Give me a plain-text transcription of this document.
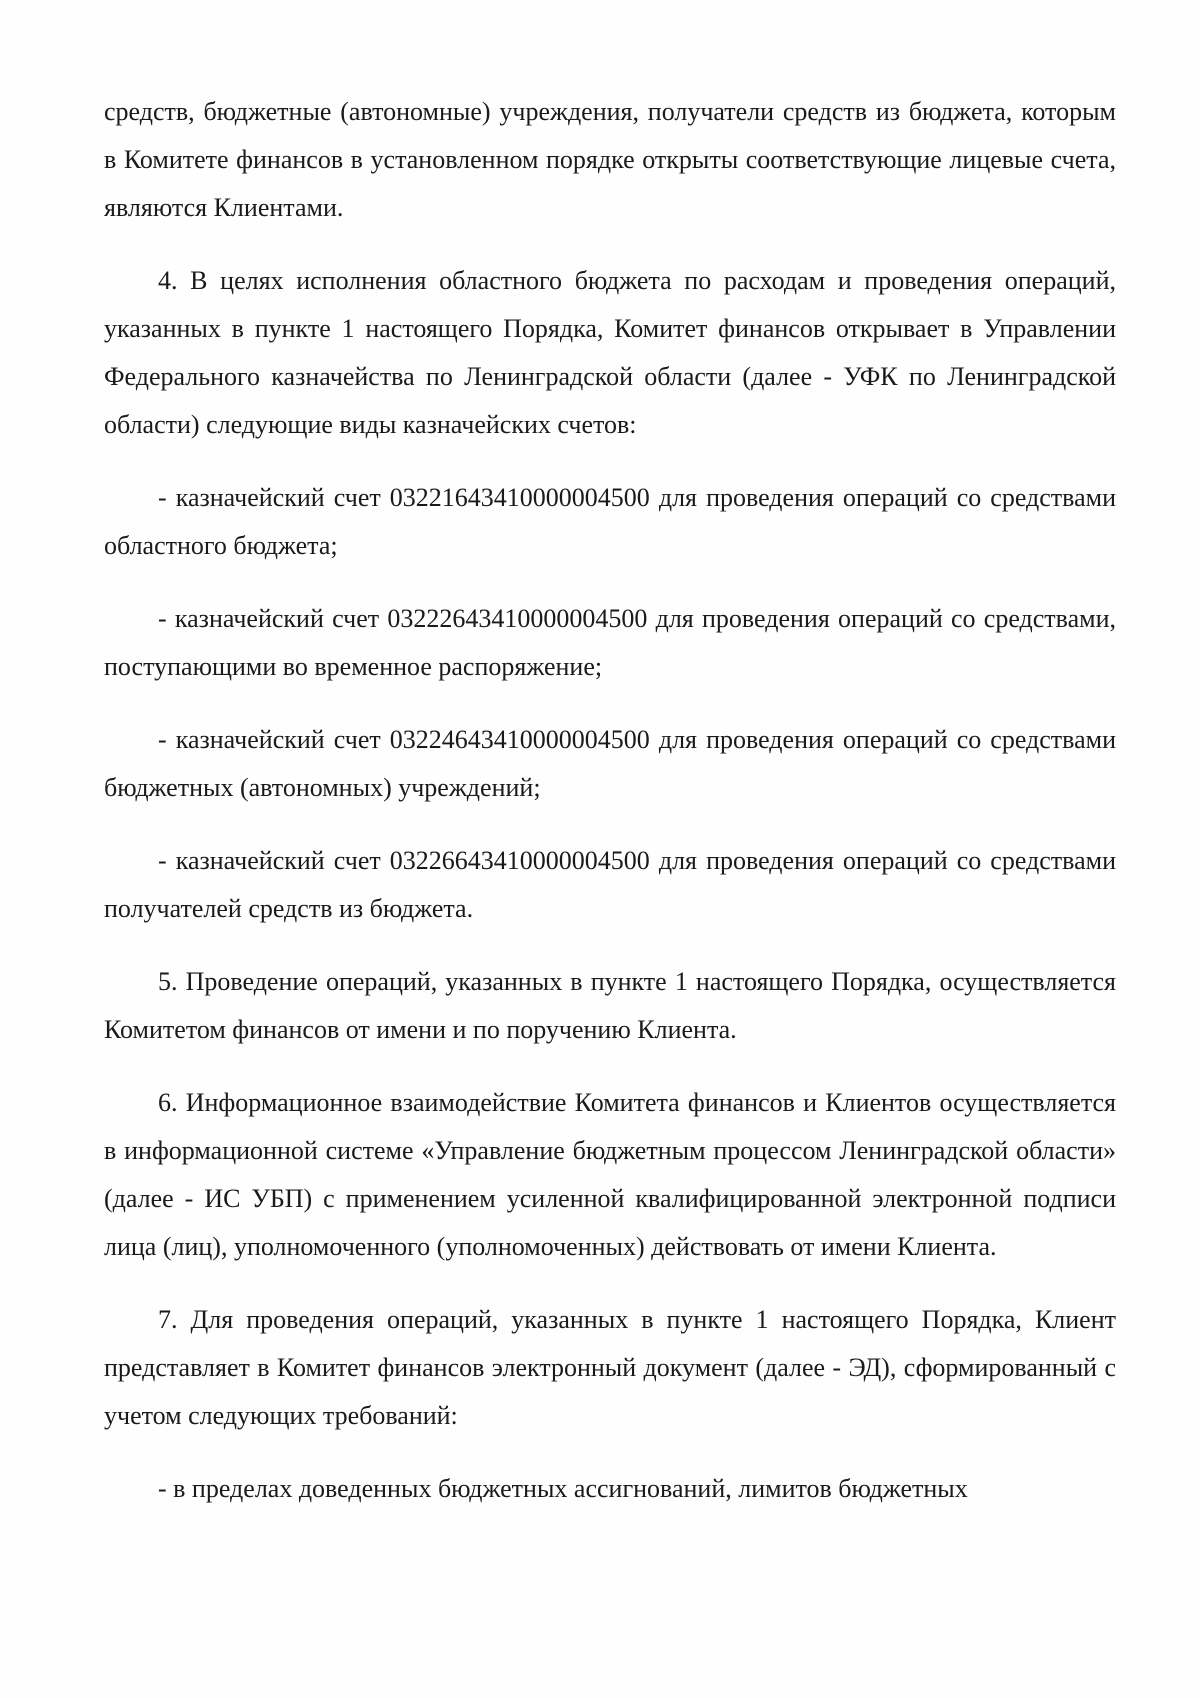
средств, бюджетные (автономные) учреждения, получатели средств из бюджета, которым в Комитете финансов в установленном порядке открыты соответствующие лицевые счета, являются Клиентами.

4. В целях исполнения областного бюджета по расходам и проведения операций, указанных в пункте 1 настоящего Порядка, Комитет финансов открывает в Управлении Федерального казначейства по Ленинградской области (далее - УФК по Ленинградской области) следующие виды казначейских счетов:

- казначейский счет 03221643410000004500 для проведения операций со средствами областного бюджета;

- казначейский счет 03222643410000004500 для проведения операций со средствами, поступающими во временное распоряжение;

- казначейский счет 03224643410000004500 для проведения операций со средствами бюджетных (автономных) учреждений;

- казначейский счет 03226643410000004500 для проведения операций со средствами получателей средств из бюджета.

5. Проведение операций, указанных в пункте 1 настоящего Порядка, осуществляется Комитетом финансов от имени и по поручению Клиента.

6. Информационное взаимодействие Комитета финансов и Клиентов осуществляется в информационной системе «Управление бюджетным процессом Ленинградской области» (далее - ИС УБП) с применением усиленной квалифицированной электронной подписи лица (лиц), уполномоченного (уполномоченных) действовать от имени Клиента.

7. Для проведения операций, указанных в пункте 1 настоящего Порядка, Клиент представляет в Комитет финансов электронный документ (далее - ЭД), сформированный с учетом следующих требований:

- в пределах доведенных бюджетных ассигнований, лимитов бюджетных
